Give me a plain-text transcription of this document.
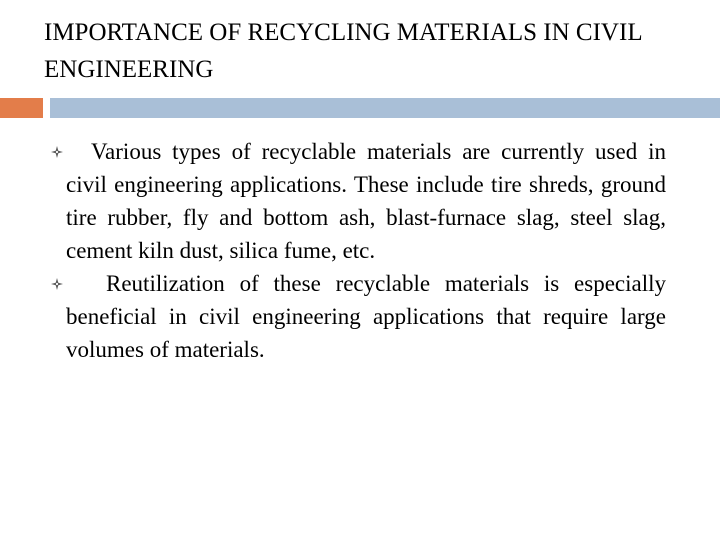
IMPORTANCE OF RECYCLING MATERIALS IN CIVIL ENGINEERING
Various types of recyclable materials are currently used in civil engineering applications. These include tire shreds, ground tire rubber, fly and bottom ash, blast-furnace slag, steel slag, cement kiln dust, silica fume, etc.
Reutilization of these recyclable materials is especially beneficial in civil engineering applications that require large volumes of materials.
